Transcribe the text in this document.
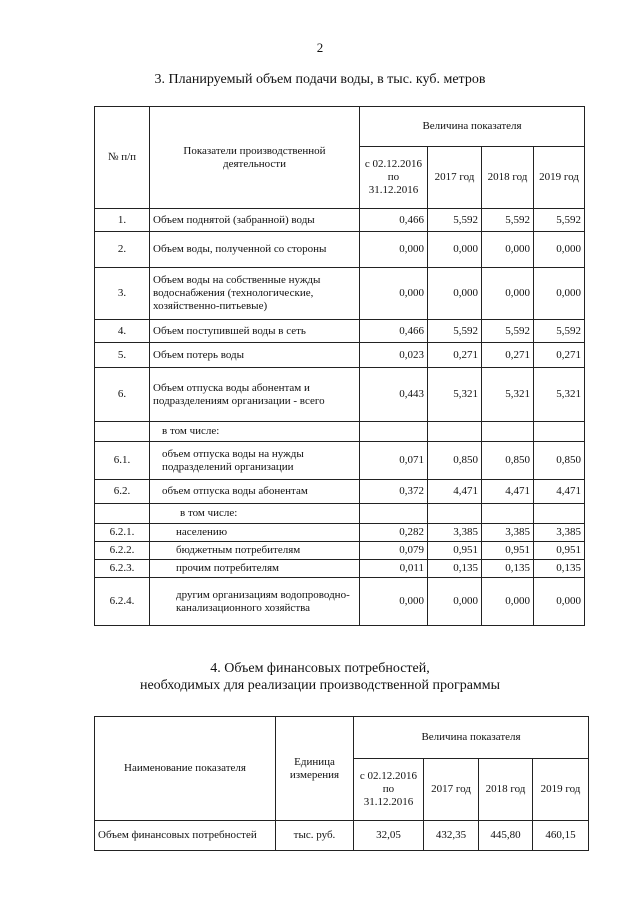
2
3. Планируемый объем подачи воды, в тыс. куб. метров
№ п/п	Показатели производственной деятельности	Величина показателя			
		с 02.12.2016 по 31.12.2016	2017 год	2018 год	2019 год
1.	Объем поднятой (забранной) воды	0,466	5,592	5,592	5,592
2.	Объем воды, полученной со стороны	0,000	0,000	0,000	0,000
3.	Объем воды на собственные нужды водоснабжения (технологические, хозяйственно-питьевые)	0,000	0,000	0,000	0,000
4.	Объем поступившей воды в сеть	0,466	5,592	5,592	5,592
5.	Объем потерь воды	0,023	0,271	0,271	0,271
6.	Объем отпуска воды абонентам и подразделениям организации - всего	0,443	5,321	5,321	5,321
	в том числе:				
6.1.	объем отпуска воды на нужды подразделений организации	0,071	0,850	0,850	0,850
6.2.	объем отпуска воды абонентам	0,372	4,471	4,471	4,471
	в том числе:				
6.2.1.	населению	0,282	3,385	3,385	3,385
6.2.2.	бюджетным потребителям	0,079	0,951	0,951	0,951
6.2.3.	прочим потребителям	0,011	0,135	0,135	0,135
6.2.4.	другим организациям водопроводно-канализационного хозяйства	0,000	0,000	0,000	0,000
4. Объем финансовых потребностей,
необходимых для реализации производственной программы
Наименование показателя	Единица измерения	Величина показателя			
		с 02.12.2016 по 31.12.2016	2017 год	2018 год	2019 год
Объем финансовых потребностей	тыс. руб.	32,05	432,35	445,80	460,15
